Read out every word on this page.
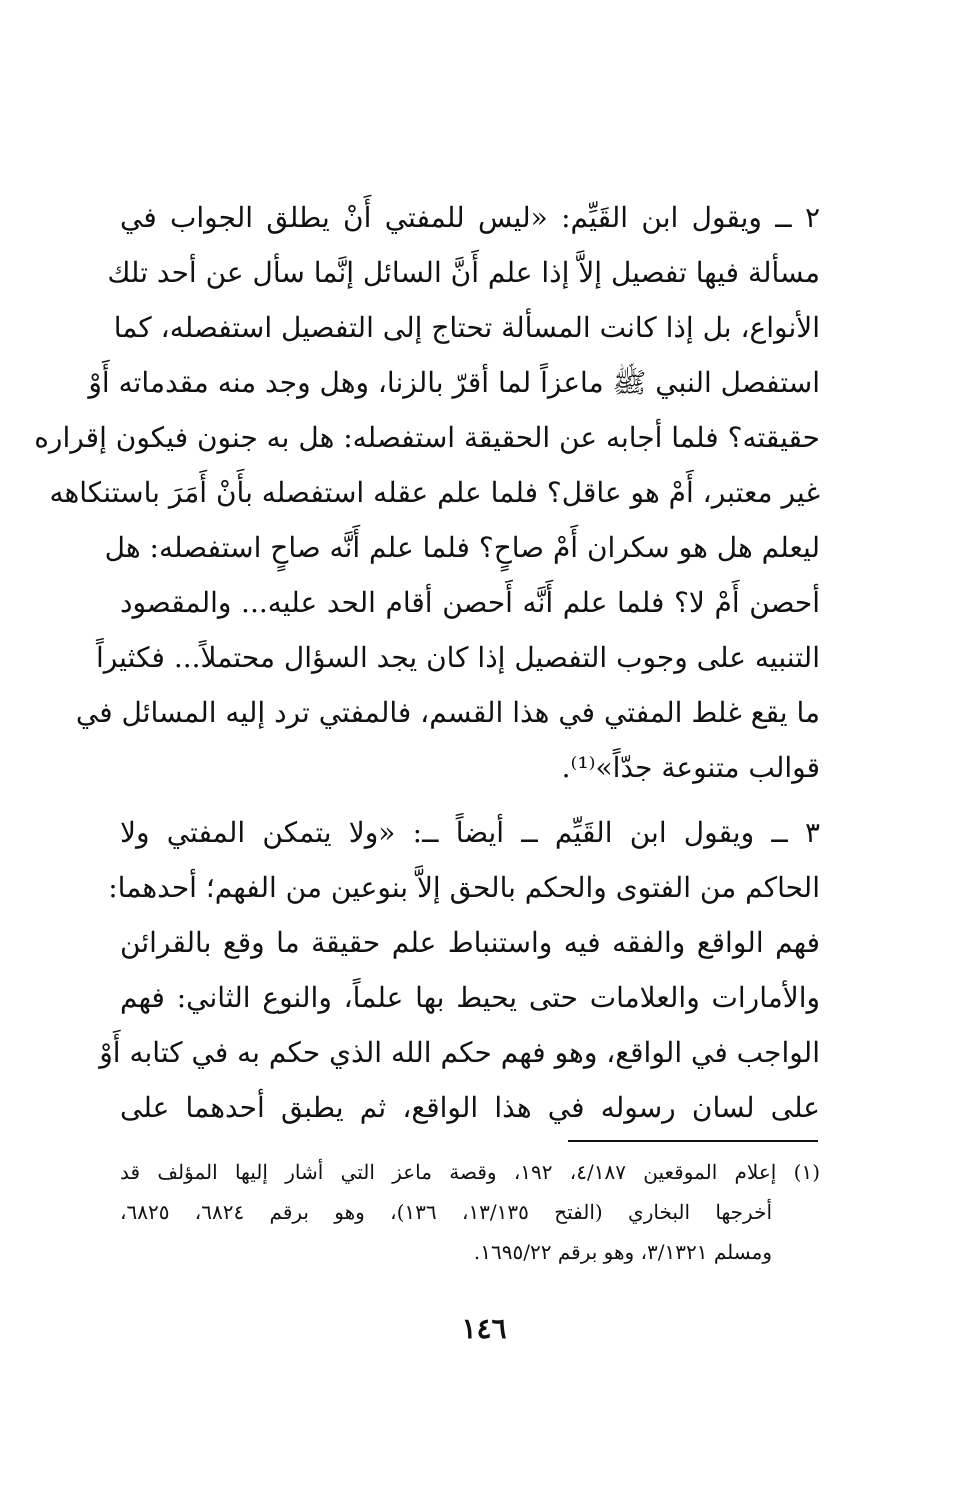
٢ ــ ويقول ابن القَيِّم: «ليس للمفتي أَنْ يطلق الجواب في
مسألة فيها تفصيل إلاَّ إذا علم أَنَّ السائل إنَّما سأل عن أحد تلك
الأنواع، بل إذا كانت المسألة تحتاج إلى التفصيل استفصله، كما
استفصل النبي ﷺ ماعزاً لما أقرّ بالزنا، وهل وجد منه مقدماته أَوْ
حقيقته؟ فلما أجابه عن الحقيقة استفصله: هل به جنون فيكون إقراره
غير معتبر، أَمْ هو عاقل؟ فلما علم عقله استفصله بأَنْ أَمَرَ باستنكاهه
ليعلم هل هو سكران أَمْ صاحٍ؟ فلما علم أَنَّه صاحٍ استفصله: هل
أحصن أَمْ لا؟ فلما علم أَنَّه أَحصن أقام الحد عليه... والمقصود
التنبيه على وجوب التفصيل إذا كان يجد السؤال محتملاً... فكثيراً
ما يقع غلط المفتي في هذا القسم، فالمفتي ترد إليه المسائل في
قوالب متنوعة جدّاً»⁽¹⁾.
٣ ــ ويقول ابن القَيِّم ــ أيضاً ــ: «ولا يتمكن المفتي ولا
الحاكم من الفتوى والحكم بالحق إلاَّ بنوعين من الفهم؛ أحدهما:
فهم الواقع والفقه فيه واستنباط علم حقيقة ما وقع بالقرائن
والأمارات والعلامات حتى يحيط بها علماً، والنوع الثاني: فهم
الواجب في الواقع، وهو فهم حكم الله الذي حكم به في كتابه أَوْ
على لسان رسوله في هذا الواقع، ثم يطبق أحدهما على
(١) إعلام الموقعين ٤/١٨٧، ١٩٢، وقصة ماعز التي أشار إليها المؤلف قد
أخرجها البخاري (الفتح ١٣/١٣٥، ١٣٦)، وهو برقم ٦٨٢٤، ٦٨٢٥،
ومسلم ٣/١٣٢١، وهو برقم ١٦٩٥/٢٢.
١٤٦
